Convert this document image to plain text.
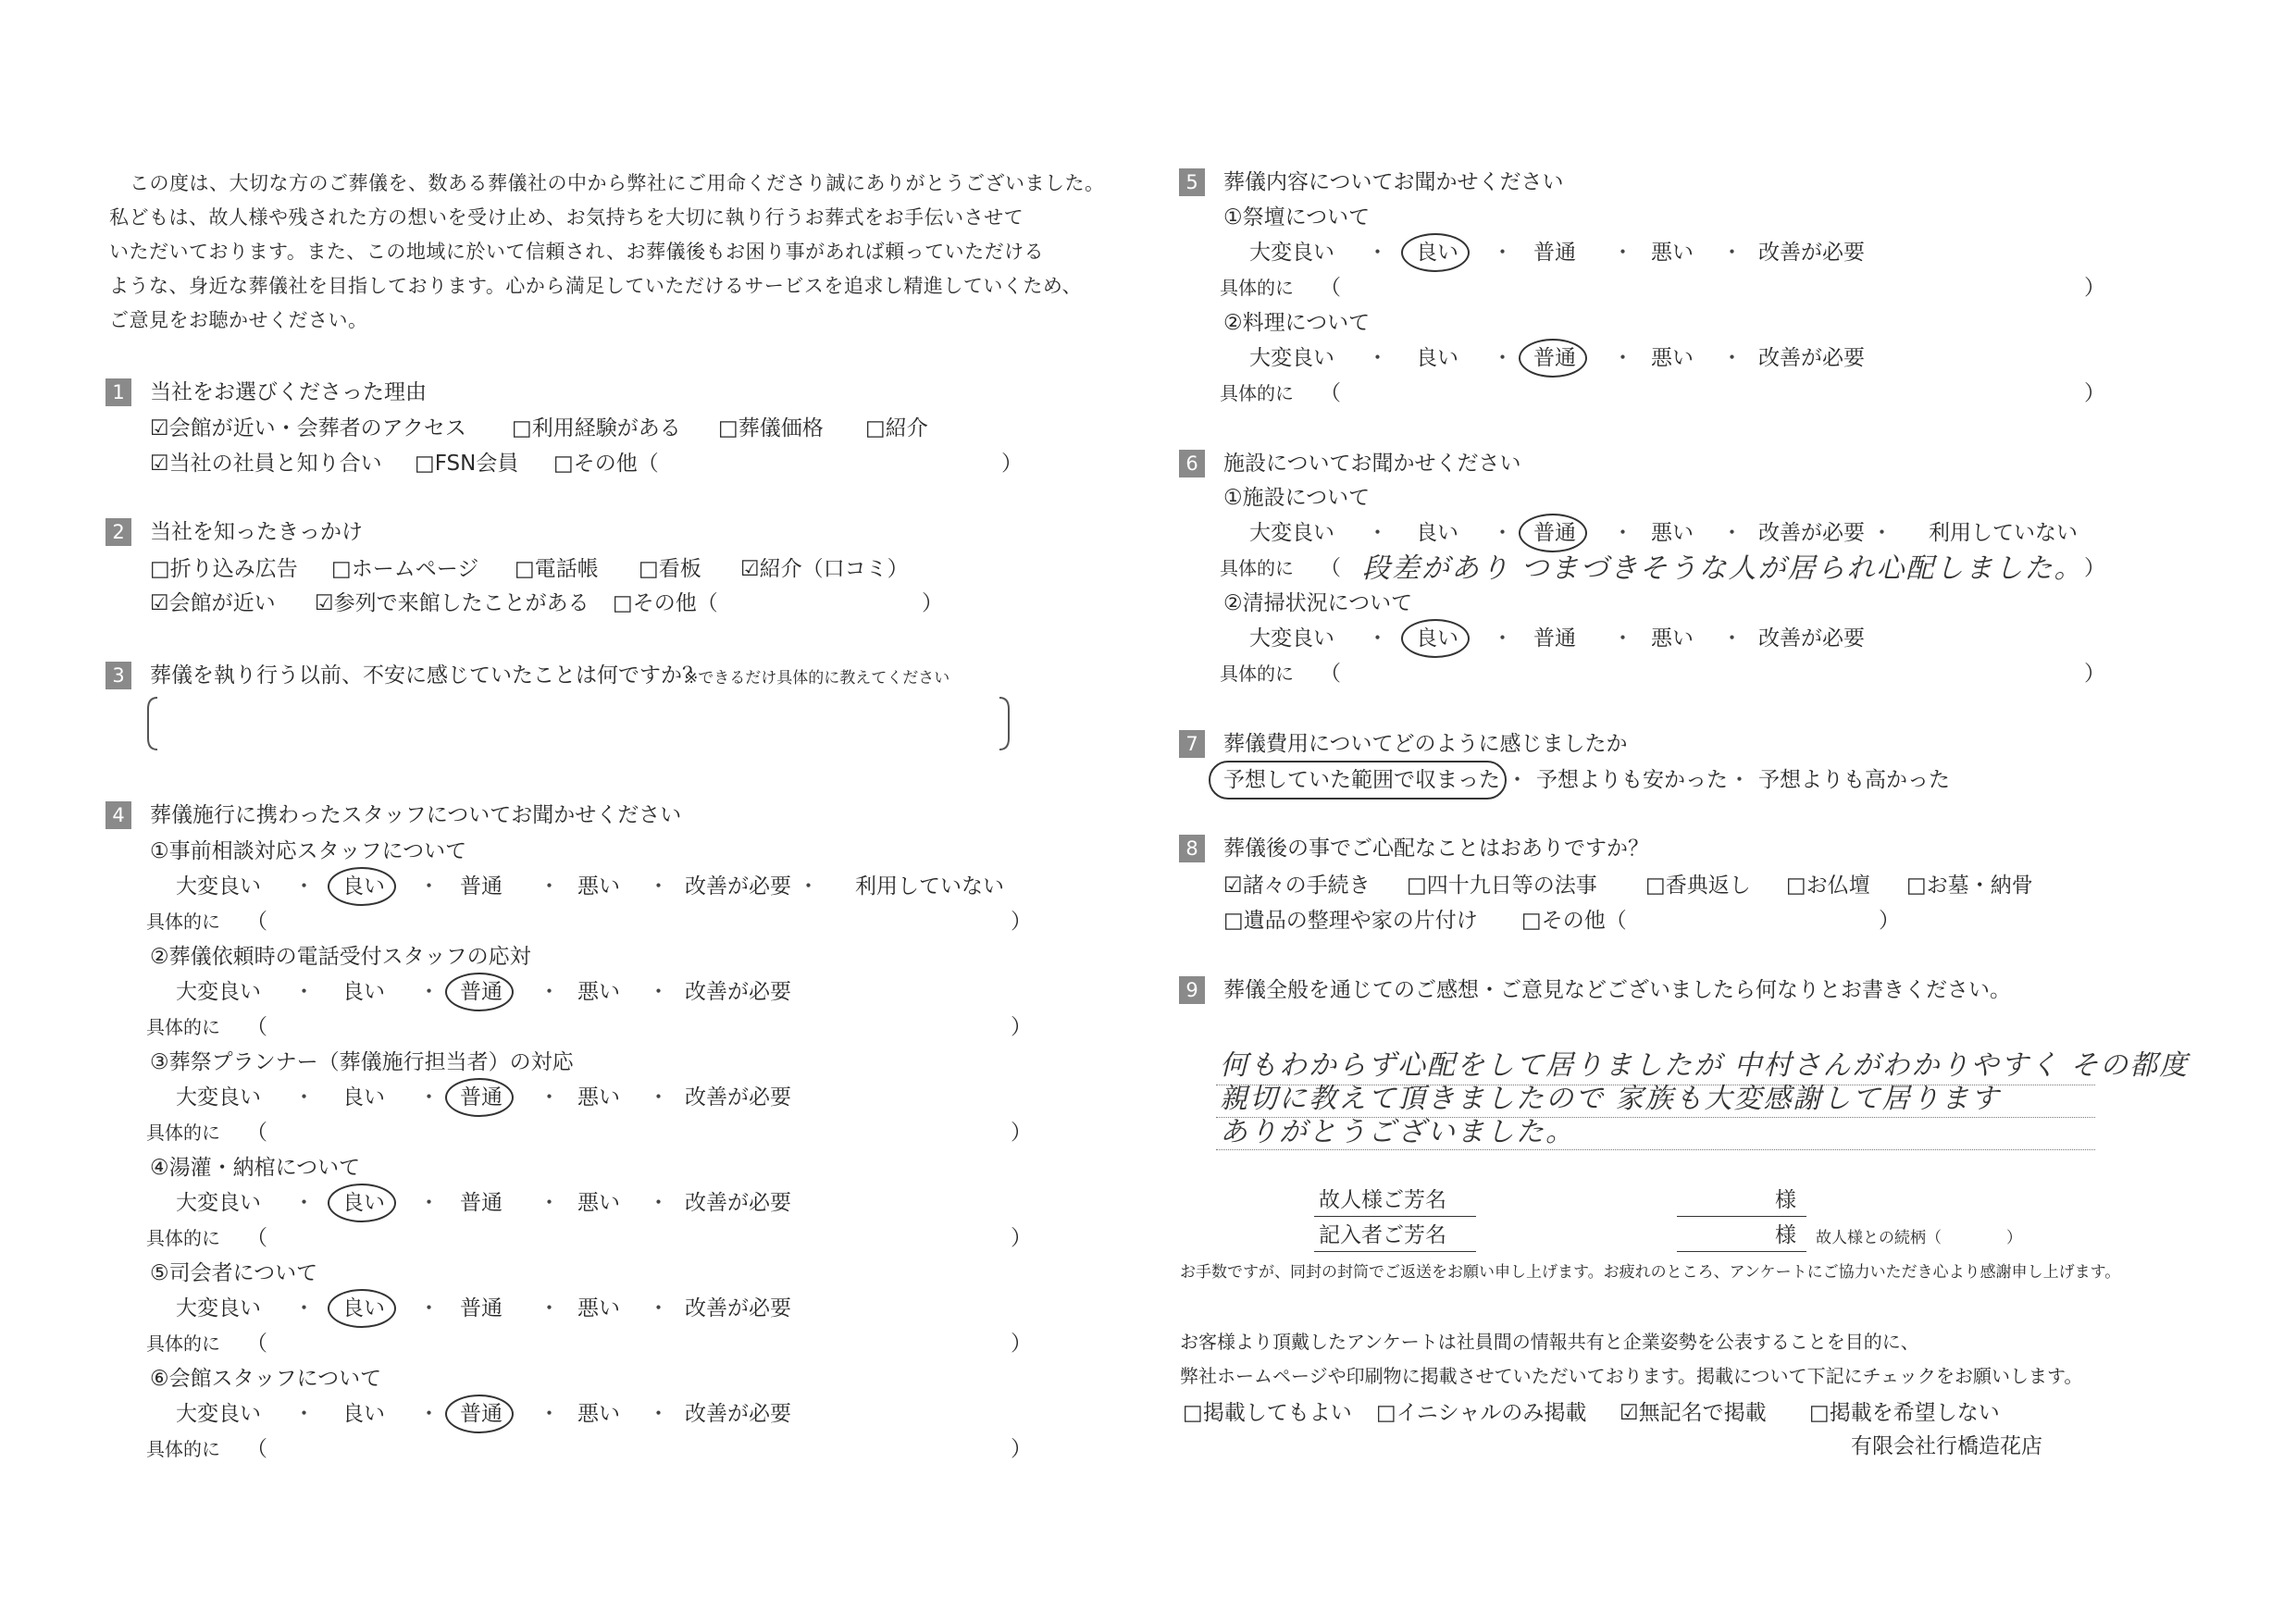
この度は、大切な方のご葬儀を、数ある葬儀社の中から弊社にご用命くださり誠にありがとうございました。
私どもは、故人様や残された方の想いを受け止め、お気持ちを大切に執り行うお葬式をお手伝いさせて
いただいております。また、この地域に於いて信頼され、お葬儀後もお困り事があれば頼っていただける
ような、身近な葬儀社を目指しております。心から満足していただけるサービスを追求し精進していくため、
ご意見をお聴かせください。
1	当社をお選びくださった理由
☑会館が近い・会葬者のアクセス □利用経験がある □葬儀価格 □紹介
☑当社の社員と知り合い □FSN会員 □その他（	）
2	当社を知ったきっかけ
□折り込み広告 □ホームページ □電話帳 □看板 ☑紹介（口コミ）
☑会館が近い ☑参列で来館したことがある □その他（	）
3	葬儀を執り行う以前、不安に感じていたことは何ですか？
※できるだけ具体的に教えてください
4	葬儀施行に携わったスタッフについてお聞かせください
①事前相談対応スタッフについて
大変良い ・ 良い ・ 普通 ・ 悪い ・ 改善が必要 ・ 利用していない
具体的に （	）
②葬儀依頼時の電話受付スタッフの応対
大変良い ・ 良い ・ 普通 ・ 悪い ・ 改善が必要
具体的に （	）
③葬祭プランナー（葬儀施行担当者）の対応
大変良い ・ 良い ・ 普通 ・ 悪い ・ 改善が必要
具体的に （	）
④湯灌・納棺について
大変良い ・ 良い ・ 普通 ・ 悪い ・ 改善が必要
具体的に （	）
⑤司会者について
大変良い ・ 良い ・ 普通 ・ 悪い ・ 改善が必要
具体的に （	）
⑥会館スタッフについて
大変良い ・ 良い ・ 普通 ・ 悪い ・ 改善が必要
具体的に （	）
5	葬儀内容についてお聞かせください
①祭壇について
大変良い ・ 良い ・ 普通 ・ 悪い ・ 改善が必要
具体的に （	）
②料理について
大変良い ・ 良い ・ 普通 ・ 悪い ・ 改善が必要
具体的に （	）
6	施設についてお聞かせください
①施設について
大変良い ・ 良い ・ 普通 ・ 悪い ・ 改善が必要 ・ 利用していない
具体的に （	）
段差があり つまづきそうな人が居られ心配しました。
②清掃状況について
大変良い ・ 良い ・ 普通 ・ 悪い ・ 改善が必要
具体的に （	）
7	葬儀費用についてどのように感じましたか
予想していた範囲で収まった ・ 予想よりも安かった ・ 予想よりも高かった
8	葬儀後の事でご心配なことはおありですか？
☑諸々の手続き □四十九日等の法事 □香典返し □お仏壇 □お墓・納骨
□遺品の整理や家の片付け □その他（	）
9	葬儀全般を通じてのご感想・ご意見などございましたら何なりとお書きください。
何もわからず心配をして居りましたが 中村さんがわかりやすく その都度
親切に教えて頂きましたので 家族も大変感謝して居ります
ありがとうございました。
故人様ご芳名	様
記入者ご芳名	様 故人様との続柄（	）
お手数ですが、同封の封筒でご返送をお願い申し上げます。お疲れのところ、アンケートにご協力いただき心より感謝申し上げます。
お客様より頂戴したアンケートは社員間の情報共有と企業姿勢を公表することを目的に、
弊社ホームページや印刷物に掲載させていただいております。掲載について下記にチェックをお願いします。
□掲載してもよい □イニシャルのみ掲載 ☑無記名で掲載 □掲載を希望しない
有限会社行橋造花店
